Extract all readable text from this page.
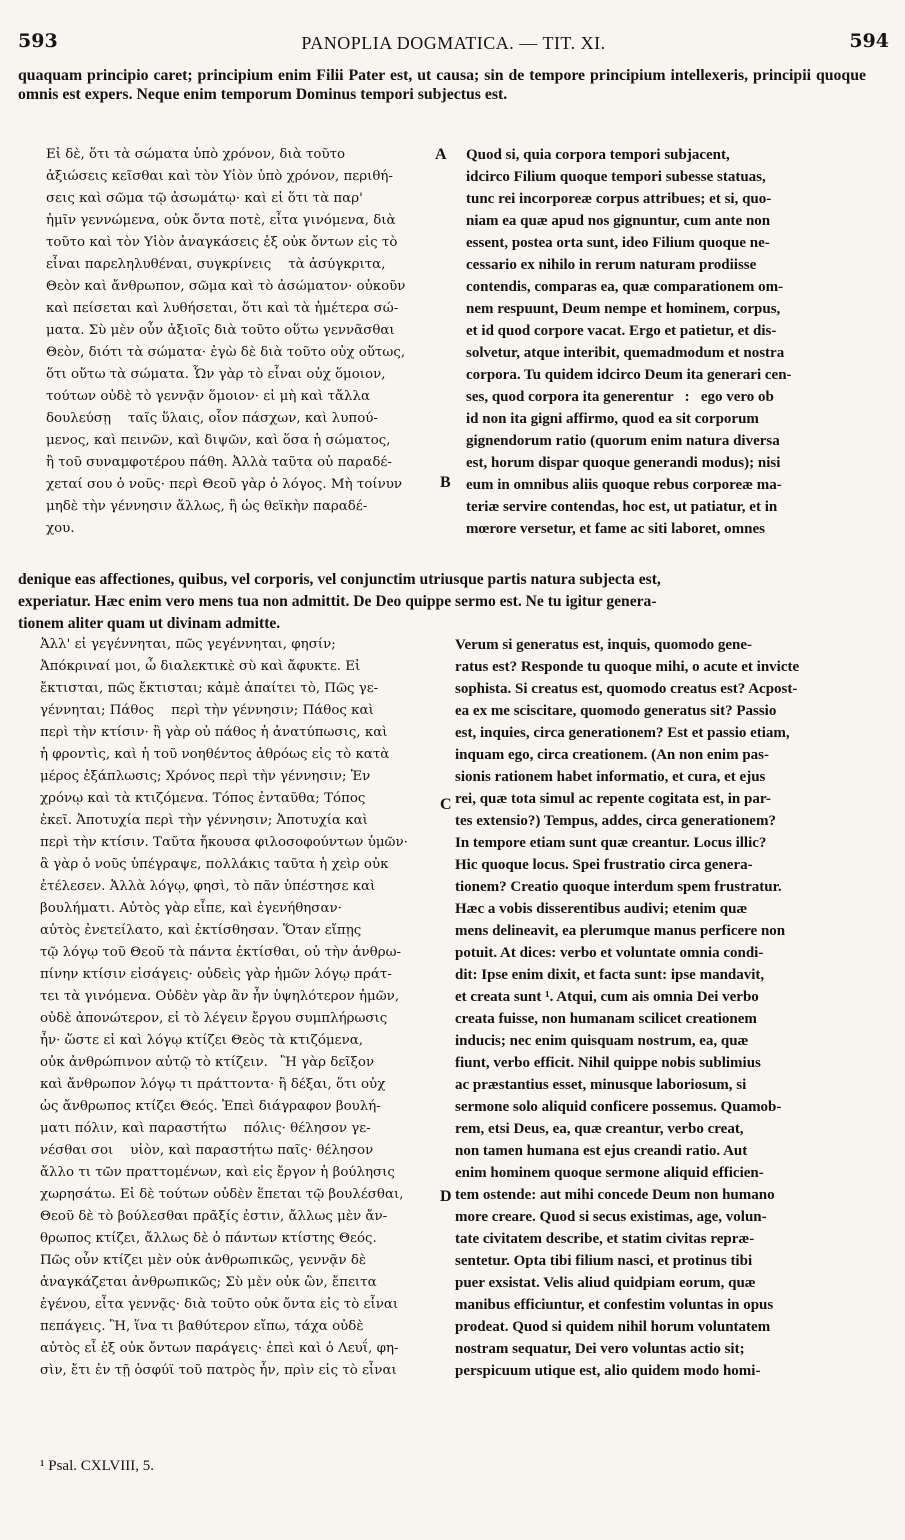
593	PANOPLIA DOGMATICA. — TIT. XI.	594
quaquam principio caret; principium enim Filii Pater est, ut causa; sin de tempore principium intellexeris, principii quoque omnis est expers. Neque enim temporum Dominus tempori subjectus est.
Εἰ δὲ, ὅτι τὰ σώματα ὑπὸ χρόνον, διὰ τοῦτο
ἀξιώσεις κεῖσθαι καὶ τὸν Υἱὸν ὑπὸ χρόνον, περιθή-
σεις καὶ σῶμα τῷ ἀσωμάτῳ· καὶ εἰ ὅτι τὰ παρ'
ἡμῖν γεννώμενα, οὐκ ὄντα ποτὲ, εἶτα γινόμενα, διὰ
τοῦτο καὶ τὸν Υἱὸν ἀναγκάσεις ἐξ οὐκ ὄντων εἰς τὸ
εἶναι παρεληλυθέναι, συγκρίνεις    τὰ ἀσύγκριτα,
Θεὸν καὶ ἄνθρωπον, σῶμα καὶ τὸ ἀσώματον· οὐκοῦν
καὶ πείσεται καὶ λυθήσεται, ὅτι καὶ τὰ ἡμέτερα σώ-
ματα. Σὺ μὲν οὖν ἀξιοῖς διὰ τοῦτο οὕτω γεννᾶσθαι
Θεὸν, διότι τὰ σώματα· ἐγὼ δὲ διὰ τοῦτο οὐχ οὕτως,
ὅτι οὕτω τὰ σώματα. Ὧν γὰρ τὸ εἶναι οὐχ ὅμοιον,
τούτων οὐδὲ τὸ γεννᾷν ὅμοιον· εἰ μὴ καὶ τἄλλα
δουλεύσῃ    ταῖς ὕλαις, οἷον πάσχων, καὶ λυπού-
μενος, καὶ πεινῶν, καὶ διψῶν, καὶ ὅσα ἡ σώματος,
ἢ τοῦ συναμφοτέρου πάθη. Ἀλλὰ ταῦτα οὐ παραδέ-
χεταί σου ὁ νοῦς· περὶ Θεοῦ γὰρ ὁ λόγος. Μὴ τοίνυν
μηδὲ τὴν γέννησιν ἄλλως, ἢ ὡς θεϊκὴν παραδέ-
χου.
Quod si, quia corpora tempori subjacent,
idcirco Filium quoque tempori subesse statuas,
tunc rei incorporeæ corpus attribues; et si, quo-
niam ea quæ apud nos gignuntur, cum ante non
essent, postea orta sunt, ideo Filium quoque ne-
cessario ex nihilo in rerum naturam prodiisse
contendis, comparas ea, quæ comparationem om-
nem respuunt, Deum nempe et hominem, corpus,
et id quod corpore vacat. Ergo et patietur, et dis-
solvetur, atque interibit, quemadmodum et nostra
corpora. Tu quidem idcirco Deum ita generari cen-
ses, quod corpora ita generentur   :   ego vero ob
id non ita gigni affirmo, quod ea sit corporum
gignendorum ratio (quorum enim natura diversa
est, horum dispar quoque generandi modus); nisi
eum in omnibus aliis quoque rebus corporeæ ma-
teriæ servire contendas, hoc est, ut patiatur, et in
mœrore versetur, et fame ac siti laboret, omnes
denique eas affectiones, quibus, vel corporis, vel conjunctim utriusque partis natura subjecta est,
experiatur. Hæc enim vero mens tua non admittit. De Deo quippe sermo est. Ne tu igitur genera-
tionem aliter quam ut divinam admitte.
Ἀλλ' εἰ γεγέννηται, πῶς γεγέννηται, φησίν;
Ἀπόκριναί μοι, ὦ διαλεκτικὲ σὺ καὶ ἄφυκτε. Εἰ
ἔκτισται, πῶς ἔκτισται; κἀμὲ ἀπαίτει τὸ, Πῶς γε-
γέννηται; Πάθος    περὶ τὴν γέννησιν; Πάθος καὶ
περὶ τὴν κτίσιν· ἢ γὰρ οὐ πάθος ἡ ἀνατύπωσις, καὶ
ἡ φροντὶς, καὶ ἡ τοῦ νοηθέντος ἀθρόως εἰς τὸ κατὰ
μέρος ἐξάπλωσις; Χρόνος περὶ τὴν γέννησιν; Ἐν
χρόνῳ καὶ τὰ κτιζόμενα. Τόπος ἐνταῦθα; Τόπος
ἐκεῖ. Ἀποτυχία περὶ τὴν γέννησιν; Ἀποτυχία καὶ
περὶ τὴν κτίσιν. Ταῦτα ἤκουσα φιλοσοφούντων ὑμῶν·
ἃ γὰρ ὁ νοῦς ὑπέγραψε, πολλάκις ταῦτα ἡ χεὶρ οὐκ
ἐτέλεσεν. Ἀλλὰ λόγῳ, φησὶ, τὸ πᾶν ὑπέστησε καὶ
βουλήματι. Αὐτὸς γὰρ εἶπε, καὶ ἐγενήθησαν·
αὐτὸς ἐνετείλατο, καὶ ἐκτίσθησαν. Ὅταν εἴπῃς
τῷ λόγῳ τοῦ Θεοῦ τὰ πάντα ἐκτίσθαι, οὐ τὴν ἀνθρω-
πίνην κτίσιν εἰσάγεις· οὐδεὶς γὰρ ἡμῶν λόγῳ πράτ-
τει τὰ γινόμενα. Οὐδὲν γὰρ ἂν ἦν ὑψηλότερον ἡμῶν,
οὐδὲ ἀπονώτερον, εἰ τὸ λέγειν ἔργου συμπλήρωσις
ἦν· ὥστε εἰ καὶ λόγῳ κτίζει Θεὸς τὰ κτιζόμενα,
οὐκ ἀνθρώπινον αὐτῷ τὸ κτίζειν.   Ἢ γὰρ δεῖξον
καὶ ἄνθρωπον λόγῳ τι πράττοντα· ἢ δέξαι, ὅτι οὐχ
ὡς ἄνθρωπος κτίζει Θεός. Ἐπεὶ διάγραφον βουλή-
ματι πόλιν, καὶ παραστήτω    πόλις· θέλησον γε-
νέσθαι σοι    υἱὸν, καὶ παραστήτω παῖς· θέλησον
ἄλλο τι τῶν πραττομένων, καὶ εἰς ἔργον ἡ βούλησις
χωρησάτω. Εἰ δὲ τούτων οὐδὲν ἕπεται τῷ βουλέσθαι,
Θεοῦ δὲ τὸ βούλεσθαι πρᾶξίς ἐστιν, ἄλλως μὲν ἄν-
θρωπος κτίζει, ἄλλως δὲ ὁ πάντων κτίστης Θεός.
Πῶς οὖν κτίζει μὲν οὐκ ἀνθρωπικῶς, γεννᾷν δὲ
ἀναγκάζεται ἀνθρωπικῶς; Σὺ μὲν οὐκ ὢν, ἔπειτα
ἐγένου, εἶτα γεννᾷς· διὰ τοῦτο οὐκ ὄντα εἰς τὸ εἶναι
πεπάγεις. Ἢ, ἵνα τι βαθύτερον εἴπω, τάχα οὐδὲ
αὐτὸς εἶ ἐξ οὐκ ὄντων παράγεις· ἐπεὶ καὶ ὁ Λευΐ, φη-
σὶν, ἔτι ἐν τῇ ὀσφύϊ τοῦ πατρὸς ἦν, πρὶν εἰς τὸ εἶναι
Verum si generatus est, inquis, quomodo gene-
ratus est? Responde tu quoque mihi, o acute et invicte
sophista. Si creatus est, quomodo creatus est? Acpost-
ea ex me sciscitare, quomodo generatus sit? Passio
est, inquies, circa generationem? Est et passio etiam,
inquam ego, circa creationem. (An non enim pas-
sionis rationem habet informatio, et cura, et ejus
rei, quæ tota simul ac repente cogitata est, in par-
tes extensio?) Tempus, addes, circa generationem?
In tempore etiam sunt quæ creantur. Locus illic?
Hic quoque locus. Spei frustratio circa genera-
tionem? Creatio quoque interdum spem frustratur.
Hæc a vobis disserentibus audivi; etenim quæ
mens delineavit, ea plerumque manus perficere non
potuit. At dices: verbo et voluntate omnia condi-
dit: Ipse enim dixit, et facta sunt: ipse mandavit,
et creata sunt ¹. Atqui, cum ais omnia Dei verbo
creata fuisse, non humanam scilicet creationem
inducis; nec enim quisquam nostrum, ea, quæ
fiunt, verbo efficit. Nihil quippe nobis sublimius
ac præstantius esset, minusque laboriosum, si
sermone solo aliquid conficere possemus. Quamob-
rem, etsi Deus, ea, quæ creantur, verbo creat,
non tamen humana est ejus creandi ratio. Aut
enim hominem quoque sermone aliquid efficien-
tem ostende: aut mihi concede Deum non humano
more creare. Quod si secus existimas, age, volun-
tate civitatem describe, et statim civitas repræ-
sentetur. Opta tibi filium nasci, et protinus tibi
puer exsistat. Velis aliud quidpiam eorum, quæ
manibus efficiuntur, et confestim voluntas in opus
prodeat. Quod si quidem nihil horum voluntatem
nostram sequatur, Dei vero voluntas actio sit;
perspicuum utique est, alio quidem modo homi-
A
B
C
D
¹ Psal. CXLVIII, 5.
